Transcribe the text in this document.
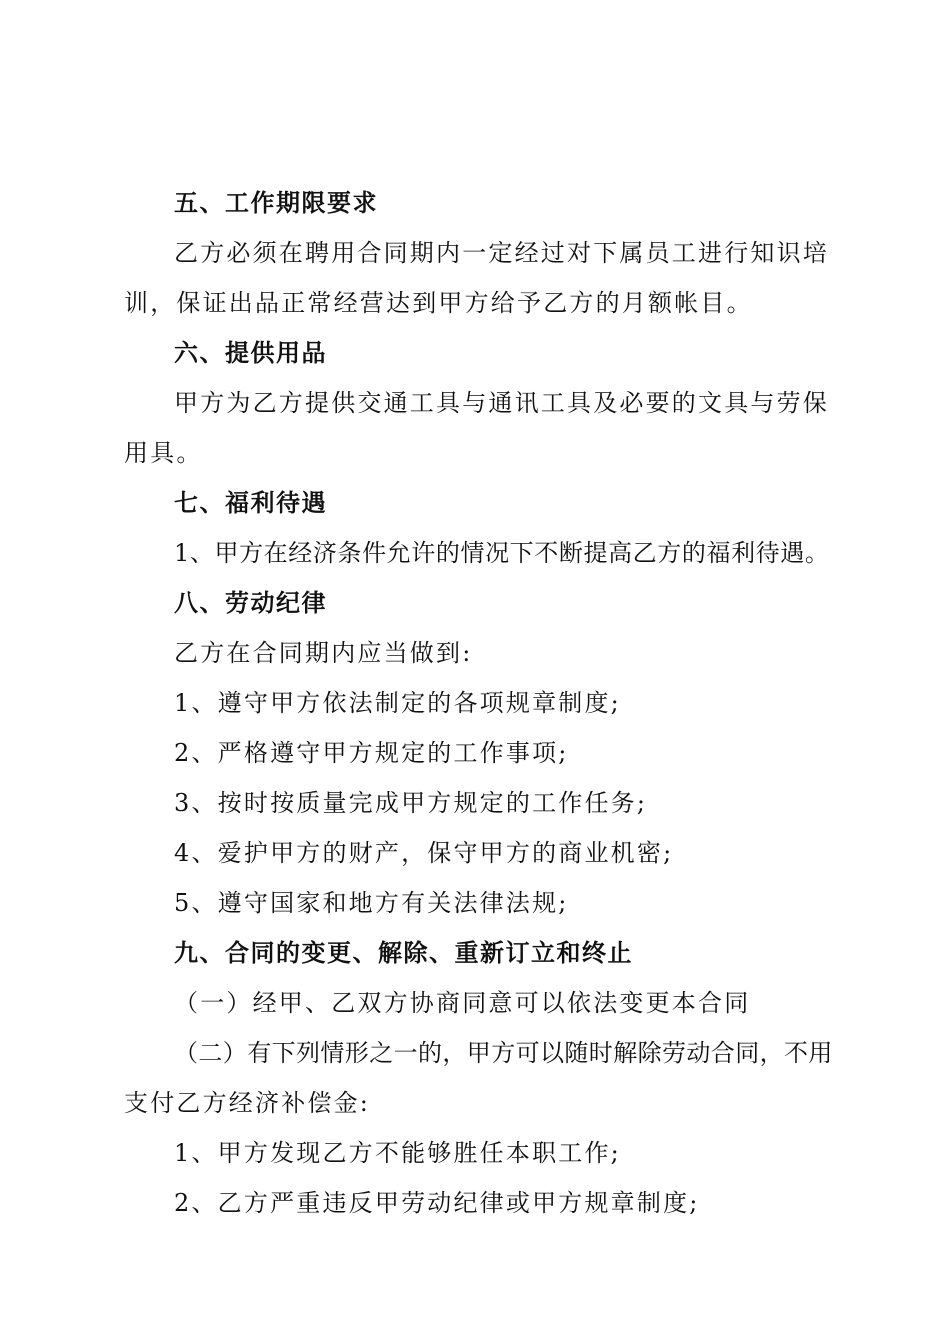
五、工作期限要求
乙方必须在聘用合同期内一定经过对下属员工进行知识培
训，保证出品正常经营达到甲方给予乙方的月额帐目。
六、提供用品
甲方为乙方提供交通工具与通讯工具及必要的文具与劳保
用具。
七、福利待遇
1、甲方在经济条件允许的情况下不断提高乙方的福利待遇。
八、劳动纪律
乙方在合同期内应当做到:
1、遵守甲方依法制定的各项规章制度;
2、严格遵守甲方规定的工作事项;
3、按时按质量完成甲方规定的工作任务;
4、爱护甲方的财产，保守甲方的商业机密;
5、遵守国家和地方有关法律法规;
九、合同的变更、解除、重新订立和终止
（一）经甲、乙双方协商同意可以依法变更本合同
（二）有下列情形之一的，甲方可以随时解除劳动合同，不用
支付乙方经济补偿金:
1、甲方发现乙方不能够胜任本职工作;
2、乙方严重违反甲劳动纪律或甲方规章制度;
